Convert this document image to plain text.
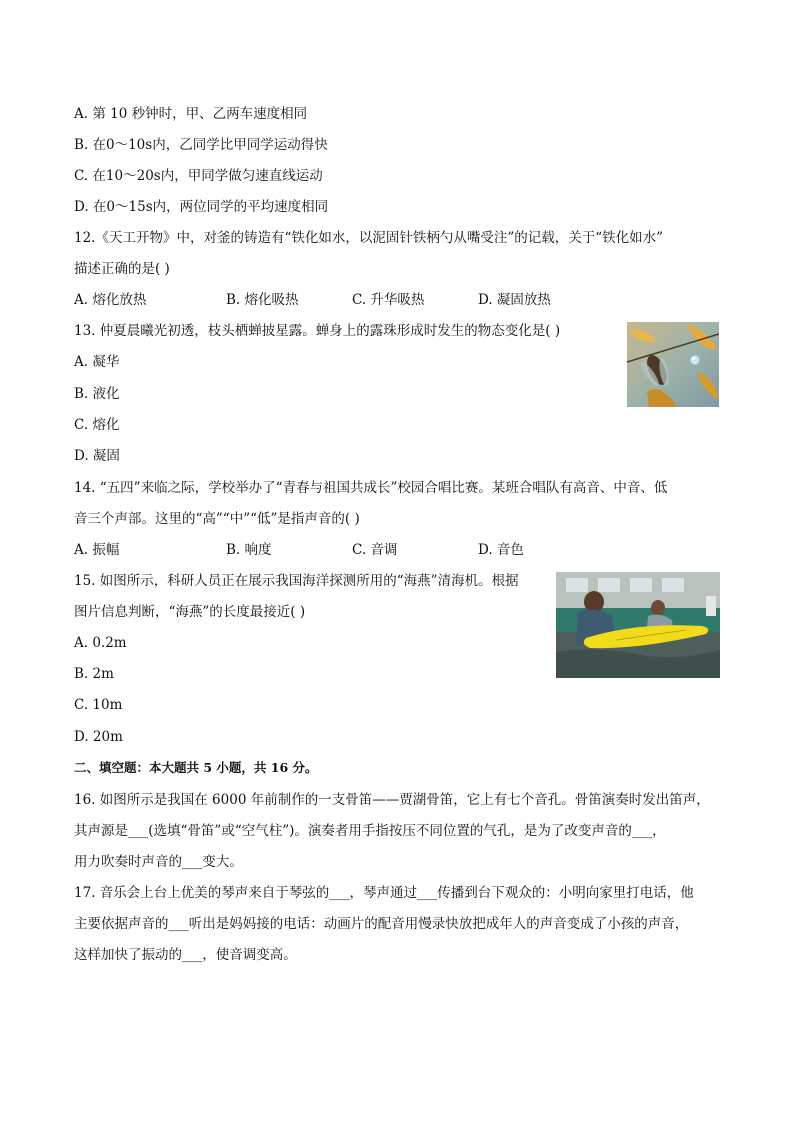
A. 第 10 秒钟时，甲、乙两车速度相同
B. 在0～10s内，乙同学比甲同学运动得快
C. 在10～20s内，甲同学做匀速直线运动
D. 在0～15s内，两位同学的平均速度相同
12.《天工开物》中，对釜的铸造有“铁化如水，以泥固针铁柄勺从嘴受注”的记载，关于“铁化如水”
描述正确的是( )
A. 熔化放热	B. 熔化吸热	C. 升华吸热	D. 凝固放热
13. 仲夏晨曦光初透，枝头栖蝉披星露。蝉身上的露珠形成时发生的物态变化是( )
A. 凝华
B. 液化
C. 熔化
D. 凝固
14. “五四”来临之际，学校举办了“青春与祖国共成长”校园合唱比赛。某班合唱队有高音、中音、低
音三个声部。这里的“高”“中”“低”是指声音的( )
A. 振幅	B. 响度	C. 音调	D. 音色
15. 如图所示，科研人员正在展示我国海洋探测所用的“海燕”清海机。根据
图片信息判断，“海燕”的长度最接近( )
A. 0.2m
B. 2m
C. 10m
D. 20m
二、填空题：本大题共 5 小题，共 16 分。
16. 如图所示是我国在 6000 年前制作的一支骨笛——贾湖骨笛，它上有七个音孔。骨笛演奏时发出笛声，
其声源是___(选填“骨笛”或“空气柱”)。演奏者用手指按压不同位置的气孔，是为了改变声音的___，
用力吹奏时声音的___变大。
17. 音乐会上台上优美的琴声来自于琴弦的___，琴声通过___传播到台下观众的：小明向家里打电话，他
主要依据声音的___听出是妈妈接的电话：动画片的配音用慢录快放把成年人的声音变成了小孩的声音，
这样加快了振动的___，使音调变高。
